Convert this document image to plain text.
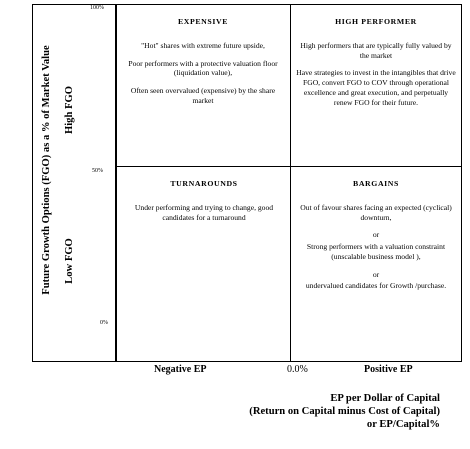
Future Growth Options (FGO) as a % of Market Value High FGO
Low FGO
100%
50%
0%
EXPENSIVE

"Hot" shares with extreme future upside,

Poor performers with a protective valuation floor (liquidation value),

Often seen overvalued (expensive) by the share market

HIGH PERFORMER

High performers that are typically fully valued by the market

Have strategies to invest in the intangibles that drive FGO, convert FGO to COV through operational excellence and great execution, and perpetually renew FGO for their future.

TURNAROUNDS

Under performing and trying to change, good candidates for a turnaround

BARGAINS

Out of favour shares facing an expected (cyclical) downturn,

or

Strong performers with a valuation constraint (unscalable business model ),

or

undervalued candidates for Growth /purchase.

Negative EP	0.0%	Positive EP
EP per Dollar of Capital
(Return on Capital minus Cost of Capital)
or EP/Capital%
